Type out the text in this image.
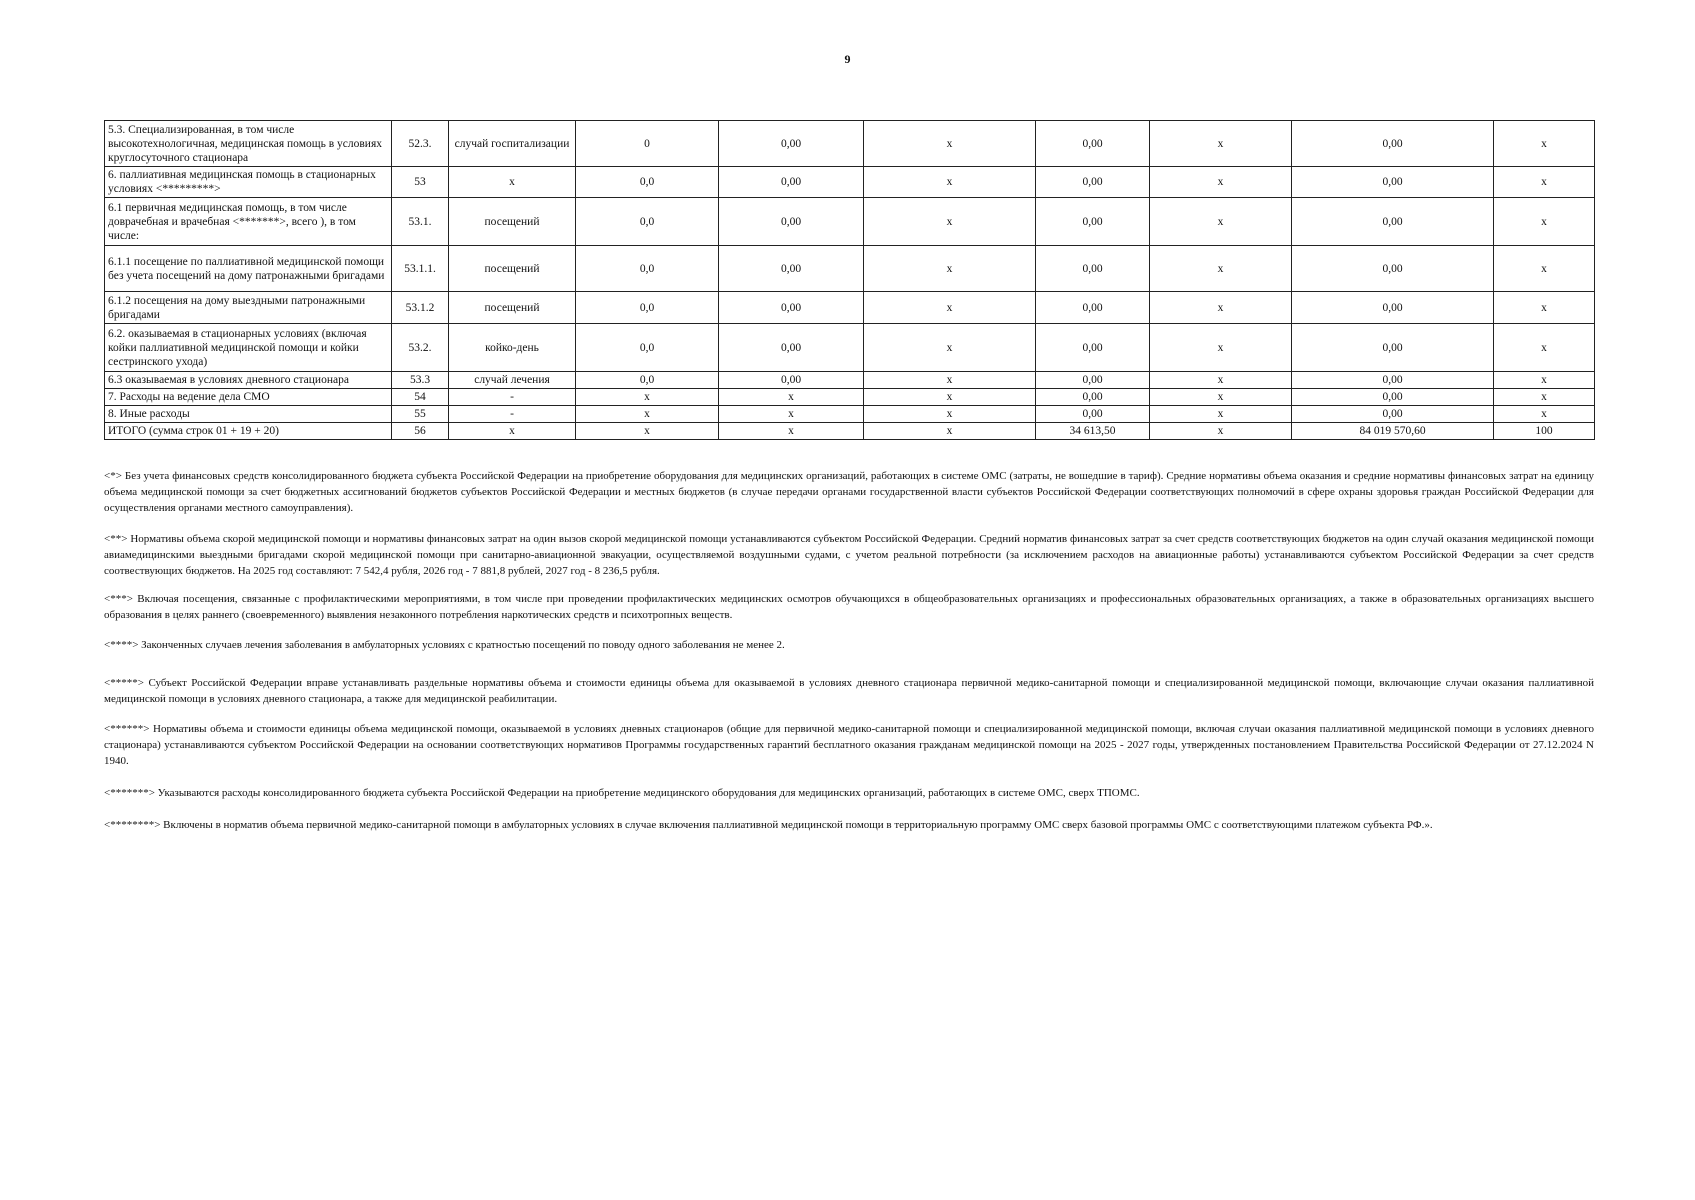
9
5.3. Специализированная, в том числе высокотехнологичная, медицинская помощь в условиях круглосуточного стационара	52.3.	случай госпитализации	0	0,00	х	0,00	х	0,00	х
6. паллиативная медицинская помощь в стационарных условиях <*********>	53	х	0,0	0,00	х	0,00	х	0,00	х
6.1 первичная медицинская помощь, в том числе доврачебная и врачебная <*******>, всего ), в том числе:	53.1.	посещений	0,0	0,00	х	0,00	х	0,00	х
6.1.1 посещение по паллиативной медицинской помощи без учета посещений на дому патронажными бригадами	53.1.1.	посещений	0,0	0,00	х	0,00	х	0,00	х
6.1.2 посещения на дому выездными патронажными бригадами	53.1.2	посещений	0,0	0,00	х	0,00	х	0,00	х
6.2. оказываемая в стационарных условиях (включая койки паллиативной медицинской помощи и койки сестринского ухода)	53.2.	койко-день	0,0	0,00	х	0,00	х	0,00	х
6.3 оказываемая в условиях дневного стационара	53.3	случай лечения	0,0	0,00	х	0,00	х	0,00	х
7. Расходы на ведение дела СМО	54	-	х	х	х	0,00	х	0,00	х
8. Иные расходы	55	-	х	х	х	0,00	х	0,00	х
ИТОГО (сумма строк 01 + 19 + 20)	56	х	х	х	х	34 613,50	х	84 019 570,60	100

<*> Без учета финансовых средств консолидированного бюджета субъекта Российской Федерации на приобретение оборудования для медицинских организаций, работающих в системе ОМС (затраты, не вошедшие в тариф). Средние нормативы объема оказания и средние нормативы финансовых затрат на единицу объема медицинской помощи за счет бюджетных ассигнований бюджетов субъектов Российской Федерации и местных бюджетов (в случае передачи органами государственной власти субъектов Российской Федерации соответствующих полномочий в сфере охраны здоровья граждан Российской Федерации для осуществления органами местного самоуправления).

<**> Нормативы объема скорой медицинской помощи и нормативы финансовых затрат на один вызов скорой медицинской помощи устанавливаются субъектом Российской Федерации. Средний норматив финансовых затрат за счет средств соответствующих бюджетов на один случай оказания медицинской помощи авиамедицинскими выездными бригадами скорой медицинской помощи при санитарно-авиационной эвакуации, осуществляемой воздушными судами, с учетом реальной потребности (за исключением расходов на авиационные работы) устанавливаются субъектом Российской Федерации за счет средств соотвествующих бюджетов. На 2025 год составляют: 7 542,4 рубля, 2026 год - 7 881,8 рублей, 2027 год - 8 236,5 рубля.

<***> Включая посещения, связанные с профилактическими мероприятиями, в том числе при проведении профилактических медицинских осмотров обучающихся в общеобразовательных организациях и профессиональных образовательных организациях, а также в образовательных организациях высшего образования в целях раннего (своевременного) выявления незаконного потребления наркотических средств и психотропных веществ.

<****> Законченных случаев лечения заболевания в амбулаторных условиях с кратностью посещений по поводу одного заболевания не менее 2.

<*****> Субъект Российской Федерации вправе устанавливать раздельные нормативы объема и стоимости единицы объема для оказываемой в условиях дневного стационара первичной медико-санитарной помощи и специализированной медицинской помощи, включающие случаи оказания паллиативной медицинской помощи в условиях дневного стационара, а также для медицинской реабилитации.

<******> Нормативы объема и стоимости единицы объема медицинской помощи, оказываемой в условиях дневных стационаров (общие для первичной медико-санитарной помощи и специализированной медицинской помощи, включая случаи оказания паллиативной медицинской помощи в условиях дневного стационара) устанавливаются субъектом Российской Федерации на основании соответствующих нормативов Программы государственных гарантий бесплатного оказания гражданам медицинской помощи на 2025 - 2027 годы, утвержденных постановлением Правительства Российской Федерации от 27.12.2024 N 1940.

<*******> Указываются расходы консолидированного бюджета субъекта Российской Федерации на приобретение медицинского оборудования для медицинских организаций, работающих в системе ОМС, сверх ТПОМС.

<********> Включены в норматив объема первичной медико-санитарной помощи в амбулаторных условиях в случае включения паллиативной медицинской помощи в территориальную программу ОМС сверх базовой программы ОМС с соответствующими платежом субъекта РФ.».
